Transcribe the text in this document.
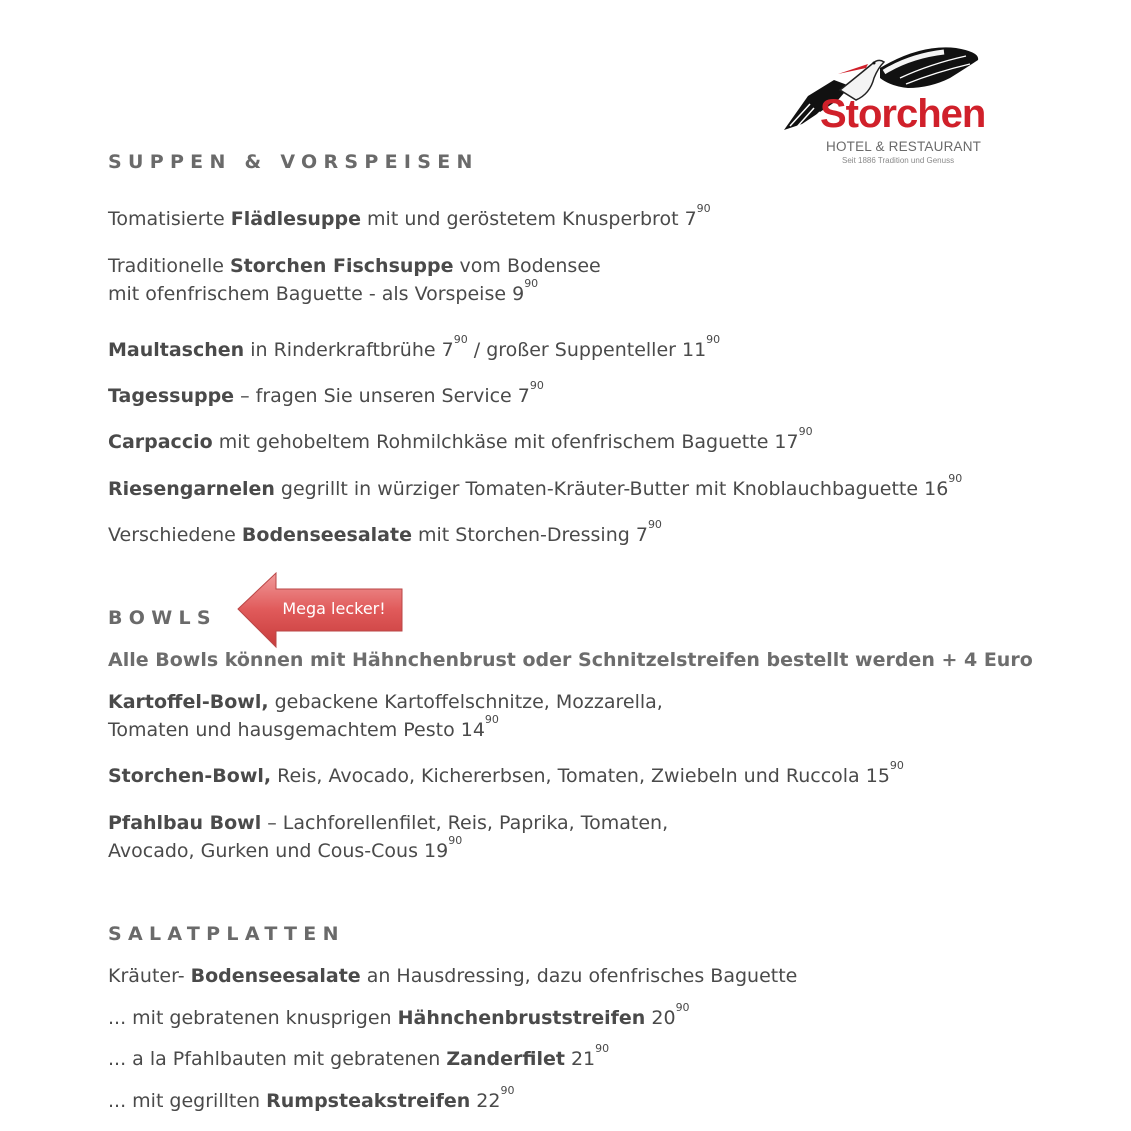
Storchen
HOTEL & RESTAURANT
Seit 1886 Tradition und Genuss
SUPPEN & VORSPEISEN
Tomatisierte Flädlesuppe mit und geröstetem Knusperbrot $7^{90}$
Traditionelle Storchen Fischsuppe vom Bodensee
mit ofenfrischem Baguette - als Vorspeise $9^{90}$
Maultaschen in Rinderkraftbrühe $7^{90}$ / großer Suppenteller $11^{90}$
Tagessuppe – fragen Sie unseren Service $7^{90}$
Carpaccio mit gehobeltem Rohmilchkäse mit ofenfrischem Baguette $17^{90}$
Riesengarnelen gegrillt in würziger Tomaten-Kräuter-Butter mit Knoblauchbaguette $16^{90}$
Verschiedene Bodenseesalate mit Storchen-Dressing $7^{90}$
BOWLS	Mega lecker!
Alle Bowls können mit Hähnchenbrust oder Schnitzelstreifen bestellt werden + 4 Euro
Kartoffel-Bowl, gebackene Kartoffelschnitze, Mozzarella,
Tomaten und hausgemachtem Pesto $14^{90}$
Storchen-Bowl, Reis, Avocado, Kichererbsen, Tomaten, Zwiebeln und Ruccola $15^{90}$
Pfahlbau Bowl – Lachforellenfilet, Reis, Paprika, Tomaten,
Avocado, Gurken und Cous-Cous $19^{90}$
SALATPLATTEN
Kräuter- Bodenseesalate an Hausdressing, dazu ofenfrisches Baguette
... mit gebratenen knusprigen Hähnchenbruststreifen $20^{90}$
... a la Pfahlbauten mit gebratenen Zanderfilet $21^{90}$
... mit gegrillten Rumpsteakstreifen $22^{90}$
